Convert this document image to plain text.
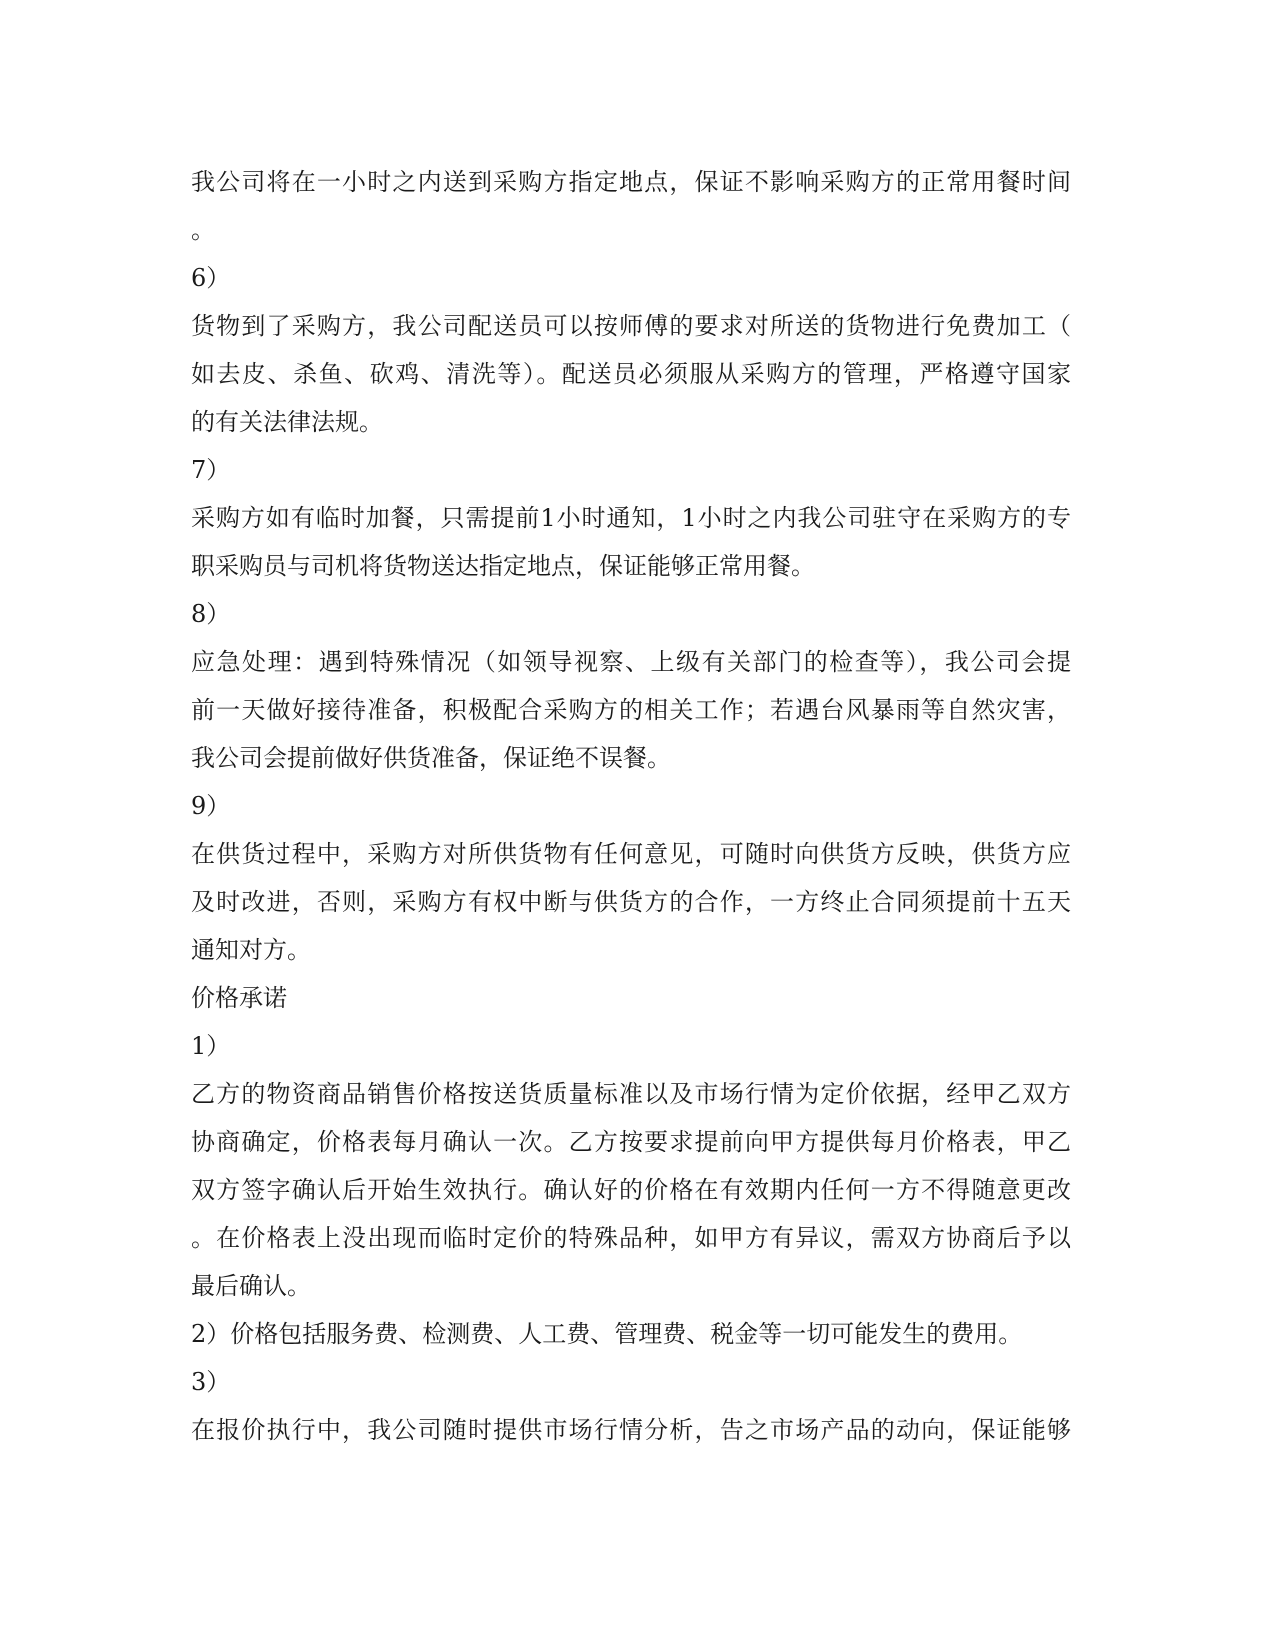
我公司将在一小时之内送到采购方指定地点，保证不影响采购方的正常用餐时间
。
6）
货物到了采购方，我公司配送员可以按师傅的要求对所送的货物进行免费加工（
如去皮、杀鱼、砍鸡、清洗等）。配送员必须服从采购方的管理，严格遵守国家
的有关法律法规。
7）
采购方如有临时加餐，只需提前1小时通知，1小时之内我公司驻守在采购方的专
职采购员与司机将货物送达指定地点，保证能够正常用餐。
8）
应急处理：遇到特殊情况（如领导视察、上级有关部门的检查等），我公司会提
前一天做好接待准备，积极配合采购方的相关工作；若遇台风暴雨等自然灾害，
我公司会提前做好供货准备，保证绝不误餐。
9）
在供货过程中，采购方对所供货物有任何意见，可随时向供货方反映，供货方应
及时改进，否则，采购方有权中断与供货方的合作，一方终止合同须提前十五天
通知对方。
价格承诺
1）
乙方的物资商品销售价格按送货质量标准以及市场行情为定价依据，经甲乙双方
协商确定，价格表每月确认一次。乙方按要求提前向甲方提供每月价格表，甲乙
双方签字确认后开始生效执行。确认好的价格在有效期内任何一方不得随意更改
。在价格表上没出现而临时定价的特殊品种，如甲方有异议，需双方协商后予以
最后确认。
2）价格包括服务费、检测费、人工费、管理费、税金等一切可能发生的费用。
3）
在报价执行中，我公司随时提供市场行情分析，告之市场产品的动向，保证能够
